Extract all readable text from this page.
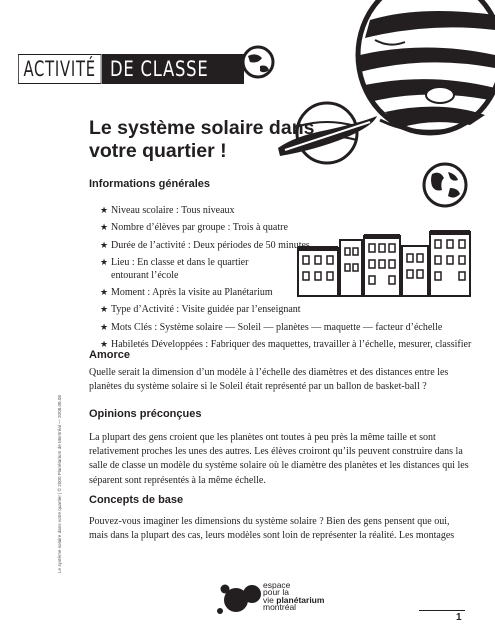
ACTIVITÉ DE CLASSE
Le système solaire dans votre quartier !
Informations générales
★ Niveau scolaire : Tous niveaux
★ Nombre d’élèves par groupe : Trois à quatre
★ Durée de l’activité : Deux périodes de 50 minutes
★ Lieu : En classe et dans le quartier
entourant l’école
★ Moment : Après la visite au Planétarium
★ Type d’Activité : Visite guidée par l’enseignant
★ Mots Clés : Système solaire — Soleil — planètes — maquette — facteur d’échelle
★ Habiletés Développées : Fabriquer des maquettes, travailler à l’échelle, mesurer, classifier
Amorce

Quelle serait la dimension d’un modèle à l’échelle des diamètres et des distances entre les planètes du système solaire si le Soleil était représenté par un ballon de basket-ball ?

Opinions préconçues

La plupart des gens croient que les planètes ont toutes à peu près la même taille et sont relativement proches les unes des autres. Les élèves croiront qu’ils peuvent construire dans la salle de classe un modèle du système solaire où le diamètre des planètes et les distances qui les séparent sont représentés à la même échelle.

Concepts de base

Pouvez-vous imaginer les dimensions du système solaire ? Bien des gens pensent que oui, mais dans la plupart des cas, leurs modèles sont loin de représenter la réalité. Les montages

Le système solaire dans votre quartier | © 2000 Planétarium de Montréal — 2008.08.08
espace
pour la
vie planétarium
montréal
1
